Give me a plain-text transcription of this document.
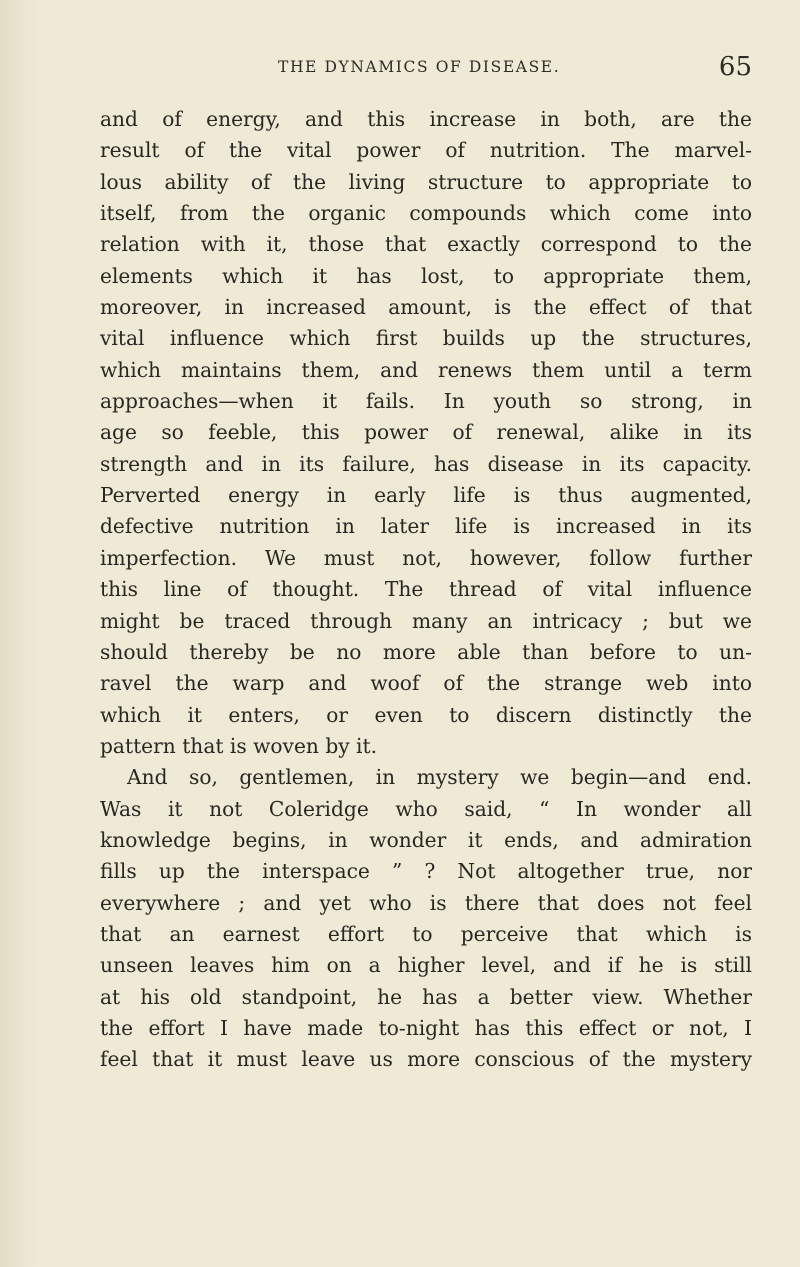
THE DYNAMICS OF DISEASE.	65
and of energy, and this increase in both, are the
result of the vital power of nutrition. The marvel-
lous ability of the living structure to appropriate to
itself, from the organic compounds which come into
relation with it, those that exactly correspond to the
elements which it has lost, to appropriate them,
moreover, in increased amount, is the effect of that
vital influence which first builds up the structures,
which maintains them, and renews them until a term
approaches—when it fails. In youth so strong, in
age so feeble, this power of renewal, alike in its
strength and in its failure, has disease in its capacity.
Perverted energy in early life is thus augmented,
defective nutrition in later life is increased in its
imperfection. We must not, however, follow further
this line of thought. The thread of vital influence
might be traced through many an intricacy ; but we
should thereby be no more able than before to un-
ravel the warp and woof of the strange web into
which it enters, or even to discern distinctly the
pattern that is woven by it.
And so, gentlemen, in mystery we begin—and end.
Was it not Coleridge who said, “ In wonder all
knowledge begins, in wonder it ends, and admiration
fills up the interspace ” ? Not altogether true, nor
everywhere ; and yet who is there that does not feel
that an earnest effort to perceive that which is
unseen leaves him on a higher level, and if he is still
at his old standpoint, he has a better view. Whether
the effort I have made to-night has this effect or not, I
feel that it must leave us more conscious of the mystery
